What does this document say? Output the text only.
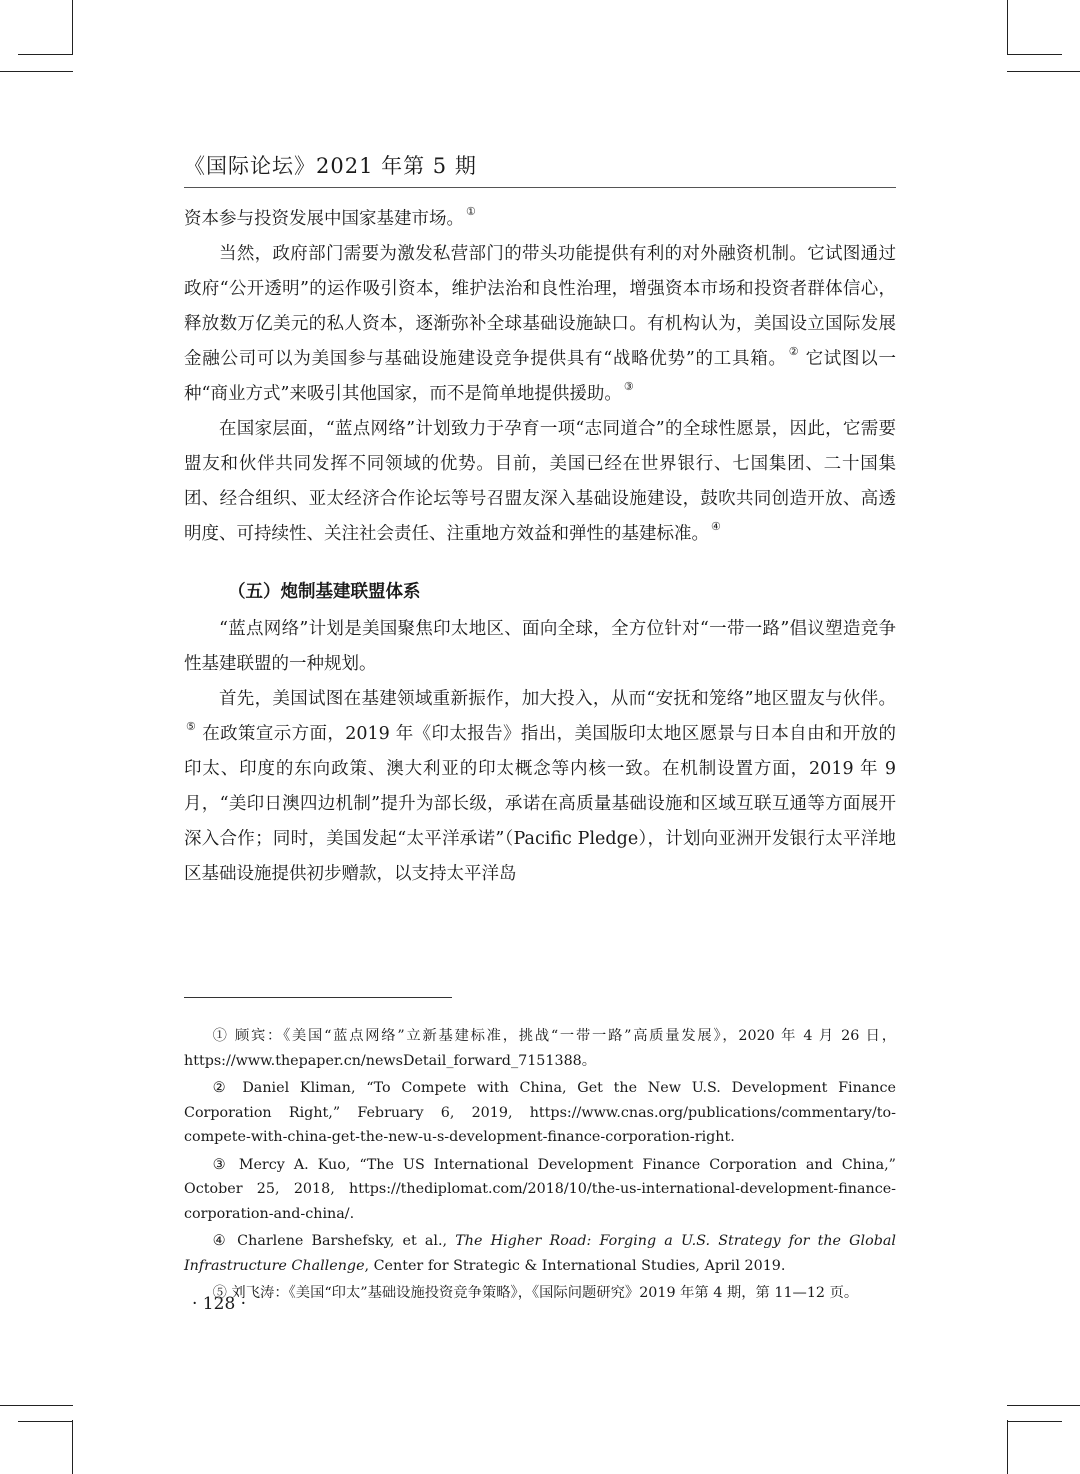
《国际论坛》2021 年第 5 期

资本参与投资发展中国家基建市场。 ①

当然，政府部门需要为激发私营部门的带头功能提供有利的对外融资机制。它试图通过政府“公开透明”的运作吸引资本，维护法治和良性治理，增强资本市场和投资者群体信心，释放数万亿美元的私人资本，逐渐弥补全球基础设施缺口。有机构认为，美国设立国际发展金融公司可以为美国参与基础设施建设竞争提供具有“战略优势”的工具箱。 ② 它试图以一种“商业方式”来吸引其他国家，而不是简单地提供援助。 ③

在国家层面，“蓝点网络”计划致力于孕育一项“志同道合”的全球性愿景，因此，它需要盟友和伙伴共同发挥不同领域的优势。目前，美国已经在世界银行、七国集团、二十国集团、经合组织、亚太经济合作论坛等号召盟友深入基础设施建设，鼓吹共同创造开放、高透明度、可持续性、关注社会责任、注重地方效益和弹性的基建标准。 ④

（五）炮制基建联盟体系

“蓝点网络”计划是美国聚焦印太地区、面向全球，全方位针对“一带一路”倡议塑造竞争性基建联盟的一种规划。

首先，美国试图在基建领域重新振作，加大投入，从而“安抚和笼络”地区盟友与伙伴。⑤ 在政策宣示方面，2019 年《印太报告》指出，美国版印太地区愿景与日本自由和开放的印太、印度的东向政策、澳大利亚的印太概念等内核一致。在机制设置方面，2019 年 9 月，“美印日澳四边机制”提升为部长级，承诺在高质量基础设施和区域互联互通等方面展开深入合作；同时，美国发起“太平洋承诺”（Pacific Pledge），计划向亚洲开发银行太平洋地区基础设施提供初步赠款，以支持太平洋岛

① 顾宾：《美国“蓝点网络”立新基建标准，挑战“一带一路”高质量发展》，2020 年 4 月 26 日，https://www.thepaper.cn/newsDetail_forward_7151388。

② Daniel Kliman, “To Compete with China, Get the New U.S. Development Finance Corporation Right,” February 6, 2019, https://www.cnas.org/publications/commentary/to-compete-with-china-get-the-new-u-s-development-finance-corporation-right.

③ Mercy A. Kuo, “The US International Development Finance Corporation and China,” October 25, 2018, https://thediplomat.com/2018/10/the-us-international-development-finance-corporation-and-china/.

④ Charlene Barshefsky, et al., The Higher Road: Forging a U.S. Strategy for the Global Infrastructure Challenge, Center for Strategic & International Studies, April 2019.

⑤ 刘飞涛：《美国“印太”基础设施投资竞争策略》，《国际问题研究》2019 年第 4 期，第 11—12 页。

· 128 ·
